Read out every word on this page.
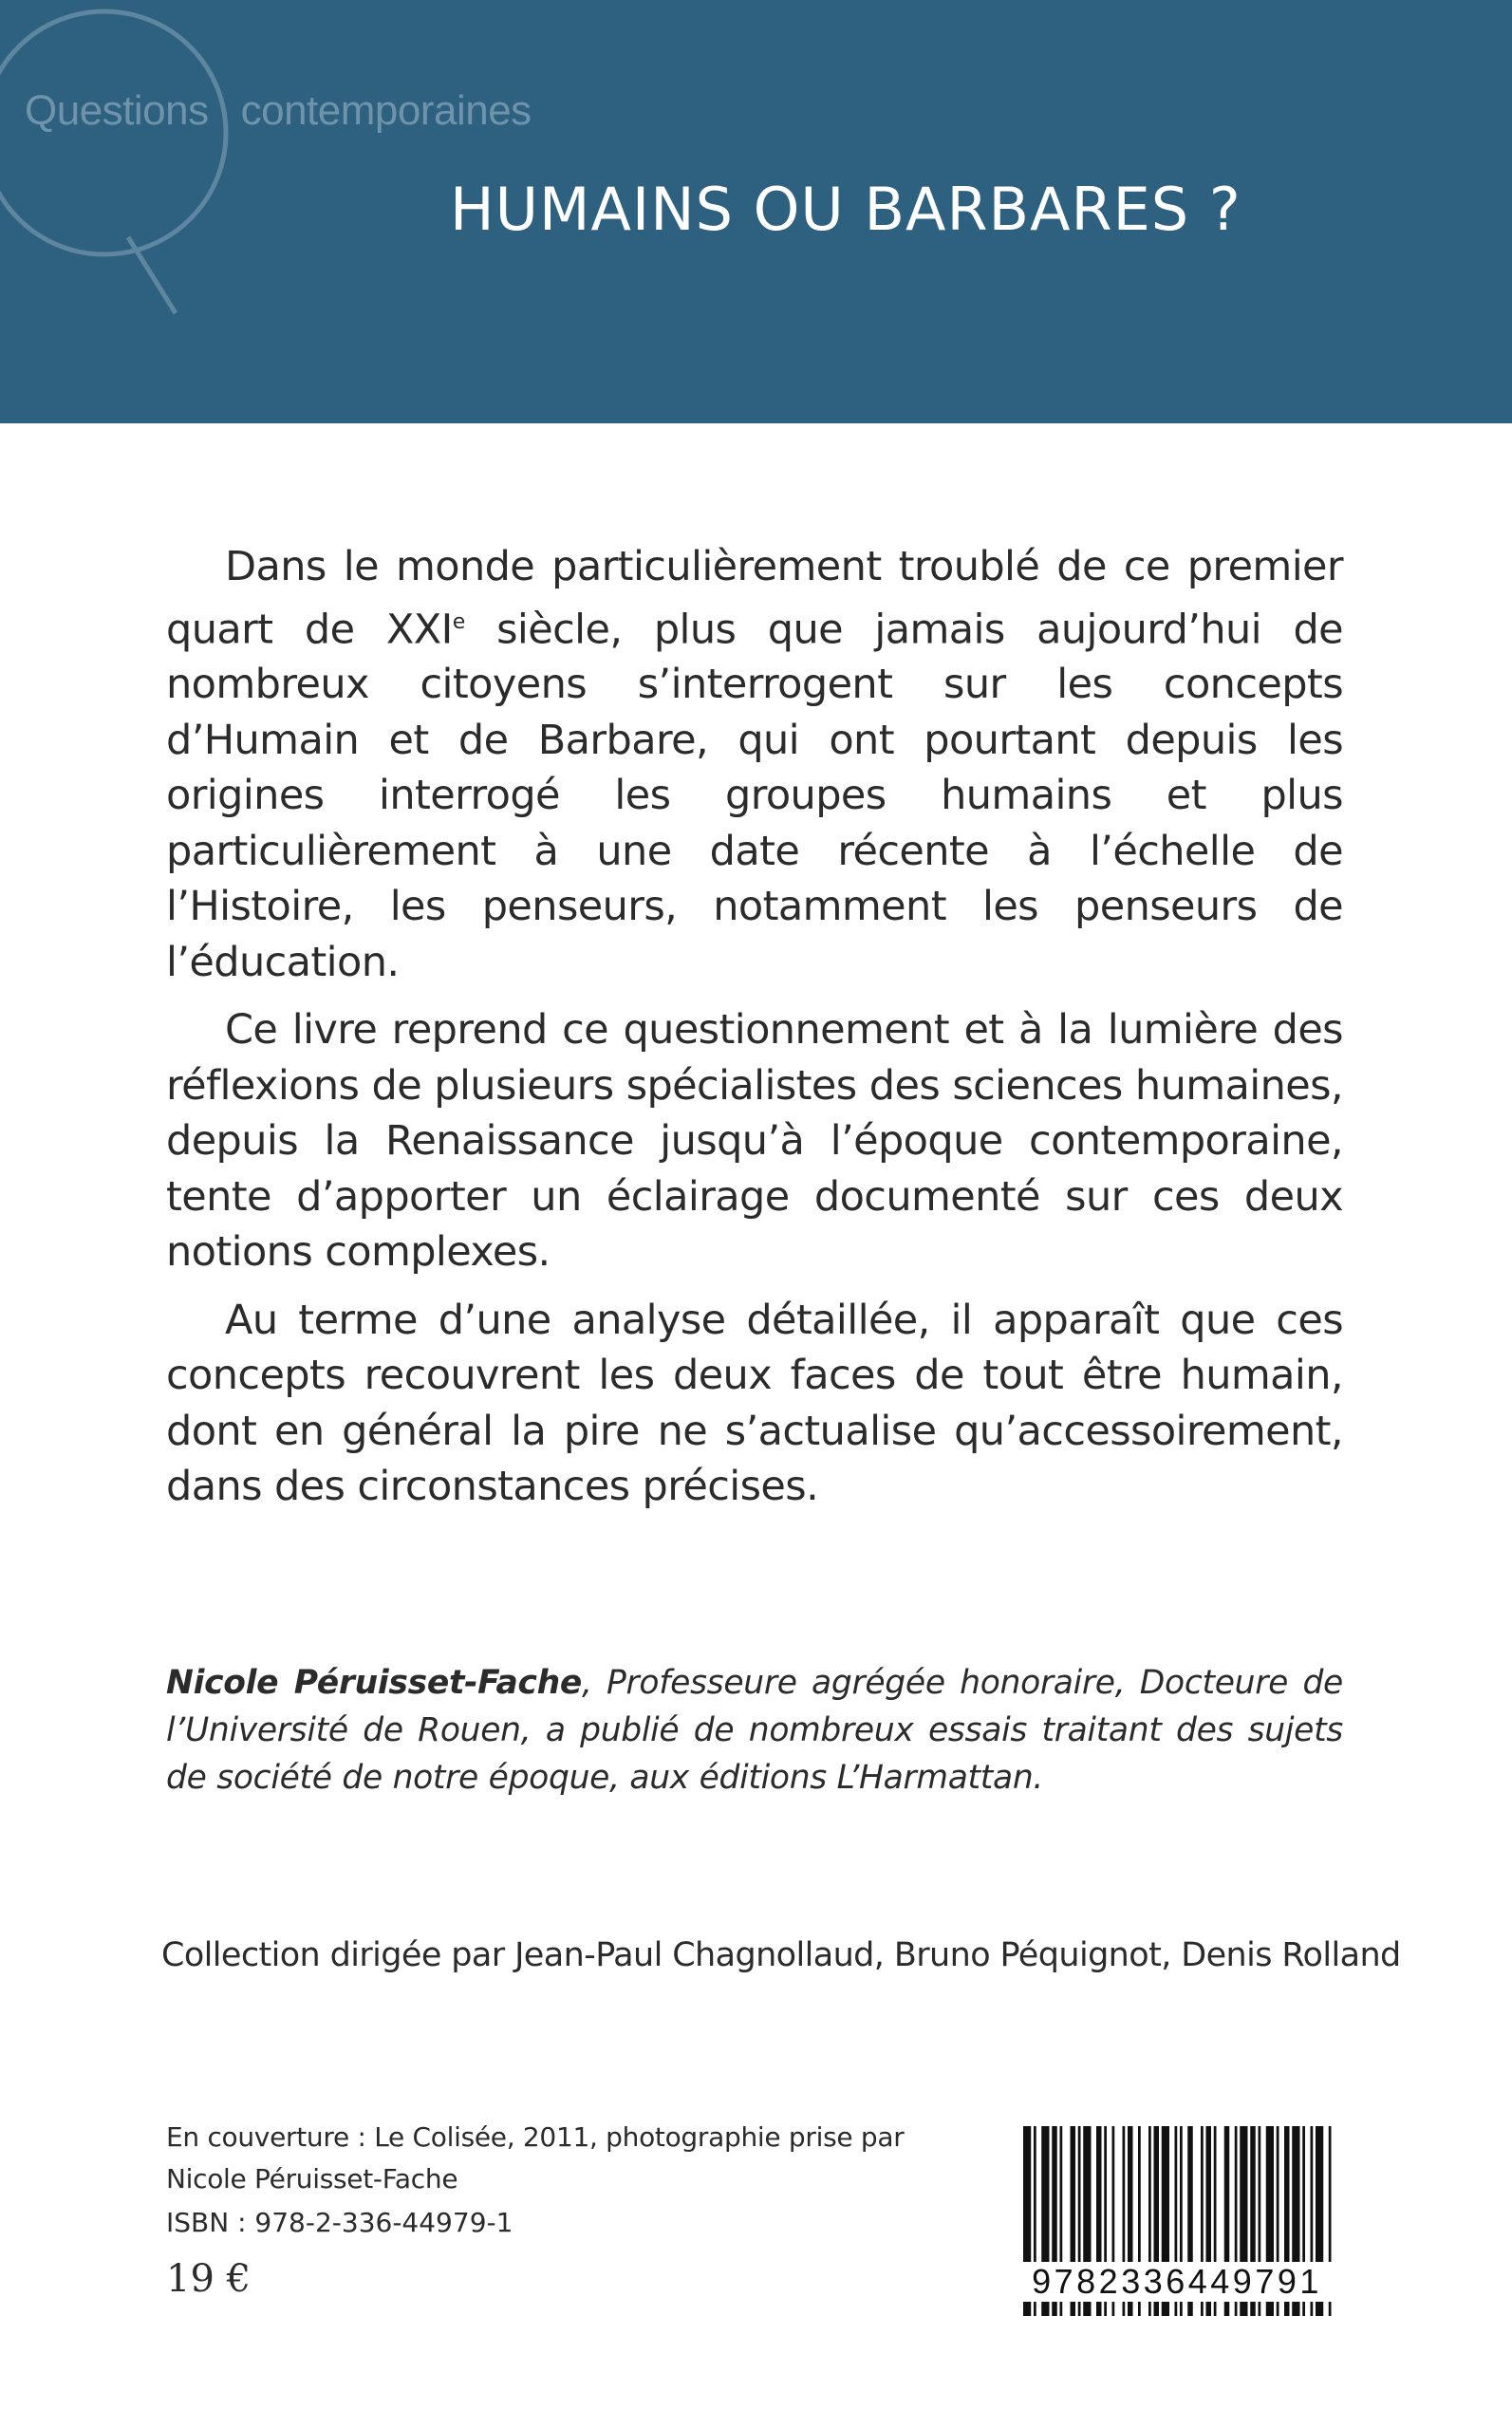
Questions contemporaines
HUMAINS OU BARBARES ?

Dans le monde particulièrement troublé de ce premier quart de XXIe siècle, plus que jamais aujourd’hui de nombreux citoyens s’interrogent sur les concepts d’Humain et de Barbare, qui ont pourtant depuis les origines interrogé les groupes humains et plus particulièrement à une date récente à l’échelle de l’Histoire, les penseurs, notamment les penseurs de l’éducation.

Ce livre reprend ce questionnement et à la lumière des réflexions de plusieurs spécialistes des sciences humaines, depuis la Renaissance jusqu’à l’époque contemporaine, tente d’apporter un éclairage documenté sur ces deux notions complexes.

Au terme d’une analyse détaillée, il apparaît que ces concepts recouvrent les deux faces de tout être humain, dont en général la pire ne s’actualise qu’accessoirement, dans des circonstances précises.

Nicole Péruisset-Fache, Professeure agrégée honoraire, Docteure de l’Université de Rouen, a publié de nombreux essais traitant des sujets de société de notre époque, aux éditions L’Harmattan.
Collection dirigée par Jean-Paul Chagnollaud, Bruno Péquignot, Denis Rolland
En couverture : Le Colisée, 2011, photographie prise par
Nicole Péruisset-Fache
ISBN : 978-2-336-44979-1
19 €	9782336449791
